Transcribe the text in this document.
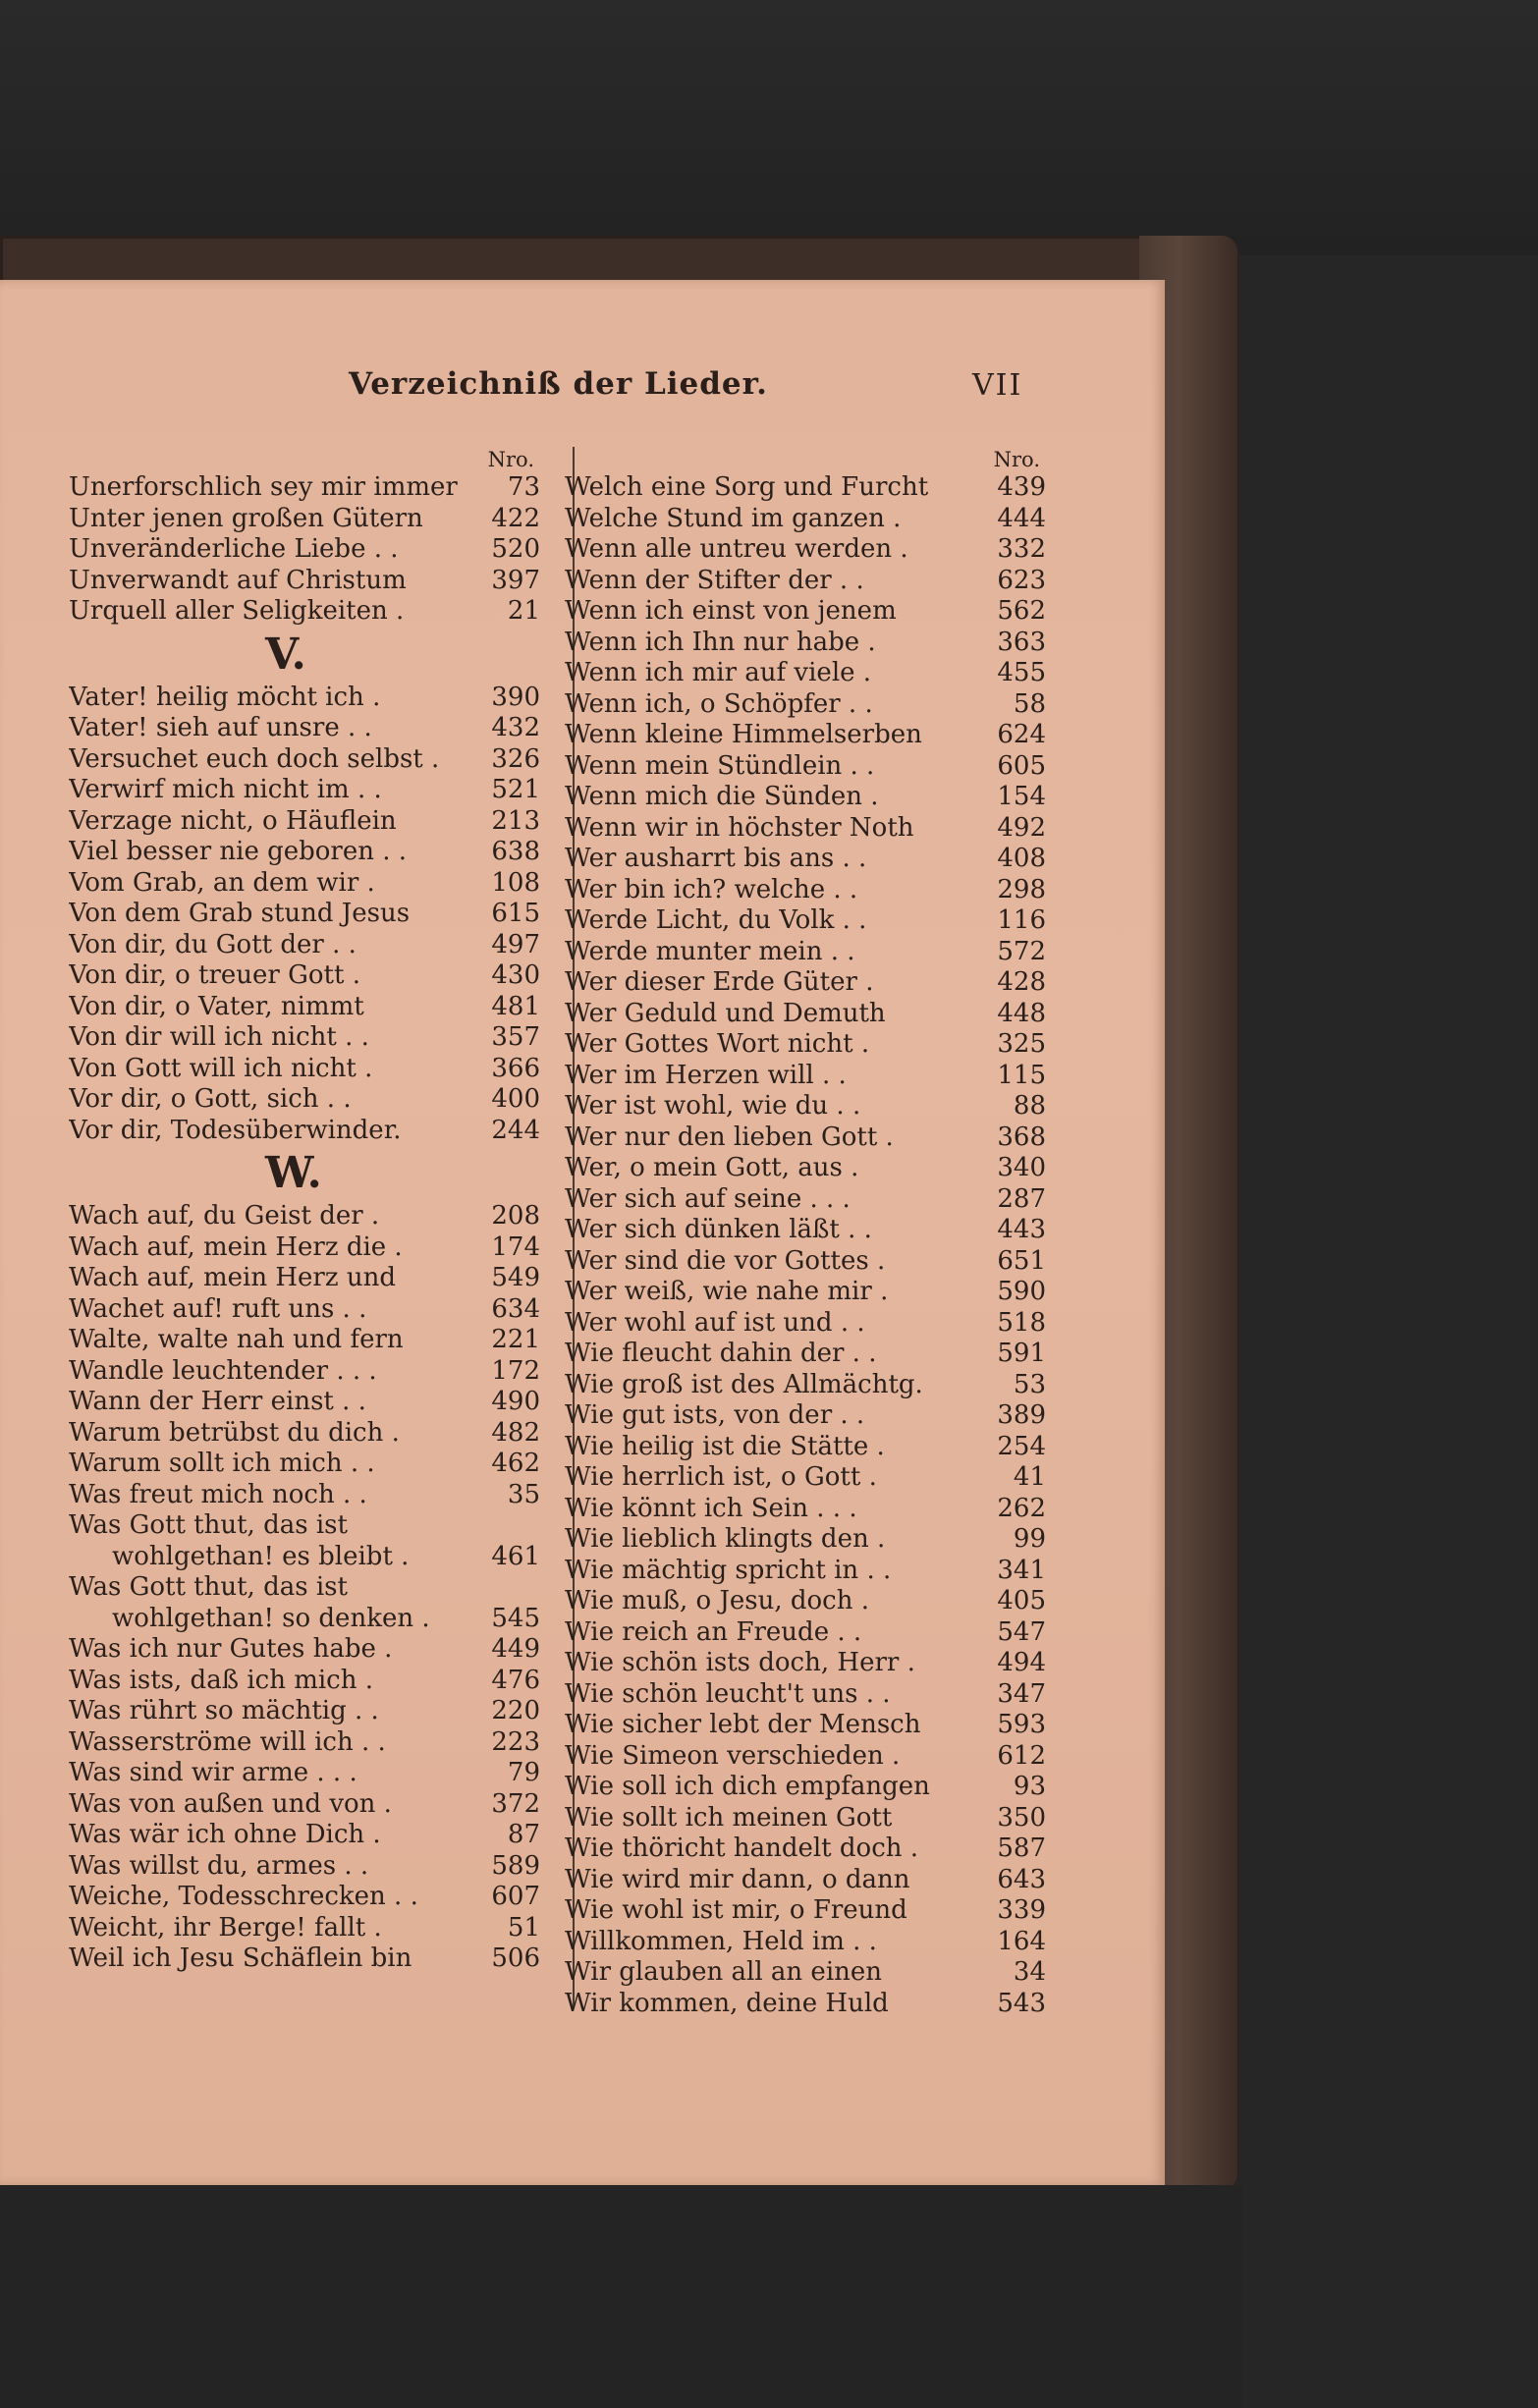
Verzeichniß der Lieder.	VII
Nro.
Unerforschlich sey mir immer	73
Unter jenen großen Gütern	422
Unveränderliche Liebe . .	520
Unverwandt auf Christum	397
Urquell aller Seligkeiten .	21
V.
Vater! heilig möcht ich .	390
Vater! sieh auf unsre . .	432
Versuchet euch doch selbst .	326
Verwirf mich nicht im . .	521
Verzage nicht, o Häuflein	213
Viel besser nie geboren . .	638
Vom Grab, an dem wir .	108
Von dem Grab stund Jesus	615
Von dir, du Gott der . .	497
Von dir, o treuer Gott .	430
Von dir, o Vater, nimmt	481
Von dir will ich nicht . .	357
Von Gott will ich nicht .	366
Vor dir, o Gott, sich . .	400
Vor dir, Todesüberwinder.	244
W.
Wach auf, du Geist der .	208
Wach auf, mein Herz die .	174
Wach auf, mein Herz und	549
Wachet auf! ruft uns . .	634
Walte, walte nah und fern	221
Wandle leuchtender . . .	172
Wann der Herr einst . .	490
Warum betrübst du dich .	482
Warum sollt ich mich . .	462
Was freut mich noch . .	35
Was Gott thut, das ist
wohlgethan! es bleibt .	461
Was Gott thut, das ist
wohlgethan! so denken .	545
Was ich nur Gutes habe .	449
Was ists, daß ich mich .	476
Was rührt so mächtig . .	220
Wasserströme will ich . .	223
Was sind wir arme . . .	79
Was von außen und von .	372
Was wär ich ohne Dich .	87
Was willst du, armes . .	589
Weiche, Todesschrecken . .	607
Weicht, ihr Berge! fallt .	51
Weil ich Jesu Schäflein bin	506
Nro.
Welch eine Sorg und Furcht	439
Welche Stund im ganzen .	444
Wenn alle untreu werden .	332
Wenn der Stifter der . .	623
Wenn ich einst von jenem	562
Wenn ich Ihn nur habe .	363
Wenn ich mir auf viele .	455
Wenn ich, o Schöpfer . .	58
Wenn kleine Himmelserben	624
Wenn mein Stündlein . .	605
Wenn mich die Sünden .	154
Wenn wir in höchster Noth	492
Wer ausharrt bis ans . .	408
Wer bin ich? welche . .	298
Werde Licht, du Volk . .	116
Werde munter mein . .	572
Wer dieser Erde Güter .	428
Wer Geduld und Demuth	448
Wer Gottes Wort nicht .	325
Wer im Herzen will . .	115
Wer ist wohl, wie du . .	88
Wer nur den lieben Gott .	368
Wer, o mein Gott, aus .	340
Wer sich auf seine . . .	287
Wer sich dünken läßt . .	443
Wer sind die vor Gottes .	651
Wer weiß, wie nahe mir .	590
Wer wohl auf ist und . .	518
Wie fleucht dahin der . .	591
Wie groß ist des Allmächtg.	53
Wie gut ists, von der . .	389
Wie heilig ist die Stätte .	254
Wie herrlich ist, o Gott .	41
Wie könnt ich Sein . . .	262
Wie lieblich klingts den .	99
Wie mächtig spricht in . .	341
Wie muß, o Jesu, doch .	405
Wie reich an Freude . .	547
Wie schön ists doch, Herr .	494
Wie schön leucht't uns . .	347
Wie sicher lebt der Mensch	593
Wie Simeon verschieden .	612
Wie soll ich dich empfangen	93
Wie sollt ich meinen Gott	350
Wie thöricht handelt doch .	587
Wie wird mir dann, o dann	643
Wie wohl ist mir, o Freund	339
Willkommen, Held im . .	164
Wir glauben all an einen	34
Wir kommen, deine Huld	543
